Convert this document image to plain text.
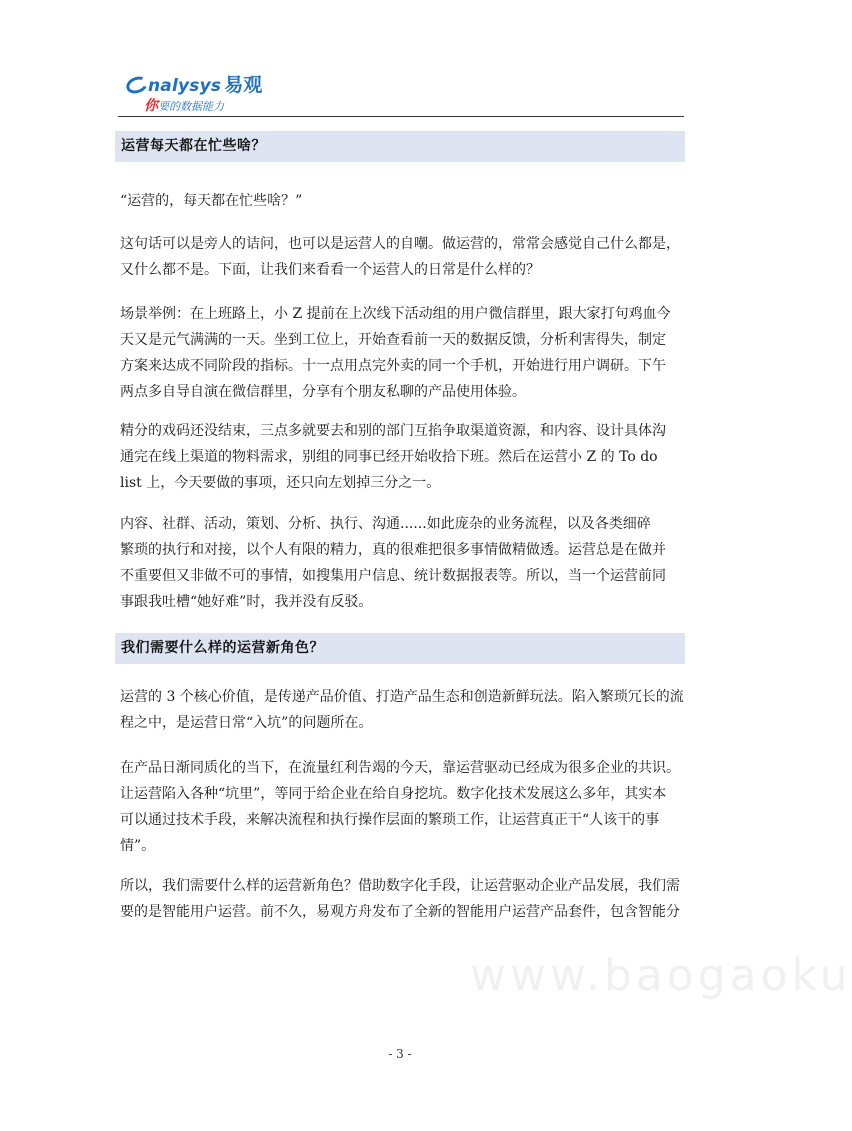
nalysys 易观
你要的数据能力
运营每天都在忙些啥？
“运营的，每天都在忙些啥？”
这句话可以是旁人的诘问，也可以是运营人的自嘲。做运营的，常常会感觉自己什么都是，
又什么都不是。下面，让我们来看看一个运营人的日常是什么样的？
场景举例：在上班路上，小 Z 提前在上次线下活动组的用户微信群里，跟大家打句鸡血今
天又是元气满满的一天。坐到工位上，开始查看前一天的数据反馈，分析利害得失，制定
方案来达成不同阶段的指标。十一点用点完外卖的同一个手机，开始进行用户调研。下午
两点多自导自演在微信群里，分享有个朋友私聊的产品使用体验。
精分的戏码还没结束，三点多就要去和别的部门互掐争取渠道资源，和内容、设计具体沟
通完在线上渠道的物料需求，别组的同事已经开始收拾下班。然后在运营小 Z 的 To do
list 上，今天要做的事项，还只向左划掉三分之一。
内容、社群、活动，策划、分析、执行、沟通......如此庞杂的业务流程，以及各类细碎
繁琐的执行和对接，以个人有限的精力，真的很难把很多事情做精做透。运营总是在做并
不重要但又非做不可的事情，如搜集用户信息、统计数据报表等。所以，当一个运营前同
事跟我吐槽“她好难”时，我并没有反驳。
我们需要什么样的运营新角色？
运营的 3 个核心价值，是传递产品价值、打造产品生态和创造新鲜玩法。陷入繁琐冗长的流
程之中，是运营日常“入坑”的问题所在。
在产品日渐同质化的当下，在流量红利告竭的今天，靠运营驱动已经成为很多企业的共识。
让运营陷入各种“坑里”，等同于给企业在给自身挖坑。数字化技术发展这么多年，其实本
可以通过技术手段，来解决流程和执行操作层面的繁琐工作，让运营真正干“人该干的事
情”。
所以，我们需要什么样的运营新角色？借助数字化手段，让运营驱动企业产品发展，我们需
要的是智能用户运营。前不久，易观方舟发布了全新的智能用户运营产品套件，包含智能分
www.baogaoku
- 3 -
